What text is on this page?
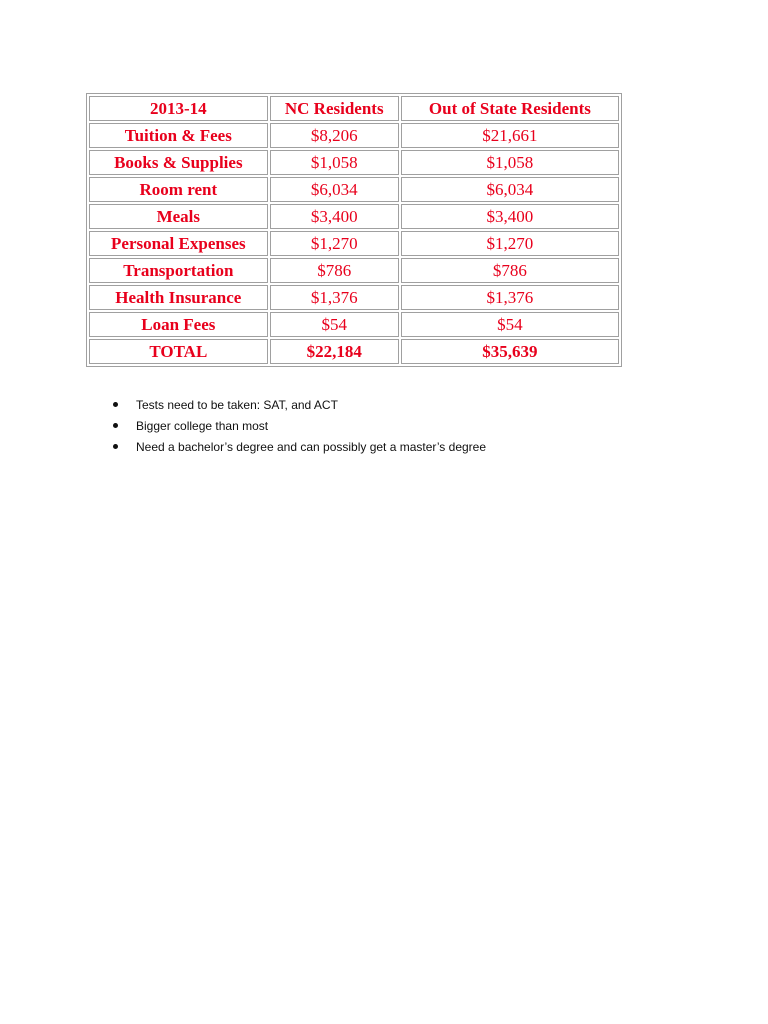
2013-14	NC Residents	Out of State Residents
Tuition & Fees	$8,206	$21,661
Books & Supplies	$1,058	$1,058
Room rent	$6,034	$6,034
Meals	$3,400	$3,400
Personal Expenses	$1,270	$1,270
Transportation	$786	$786
Health Insurance	$1,376	$1,376
Loan Fees	$54	$54
TOTAL	$22,184	$35,639
Tests need to be taken: SAT, and ACT
Bigger college than most
Need a bachelor’s degree and can possibly get a master’s degree
